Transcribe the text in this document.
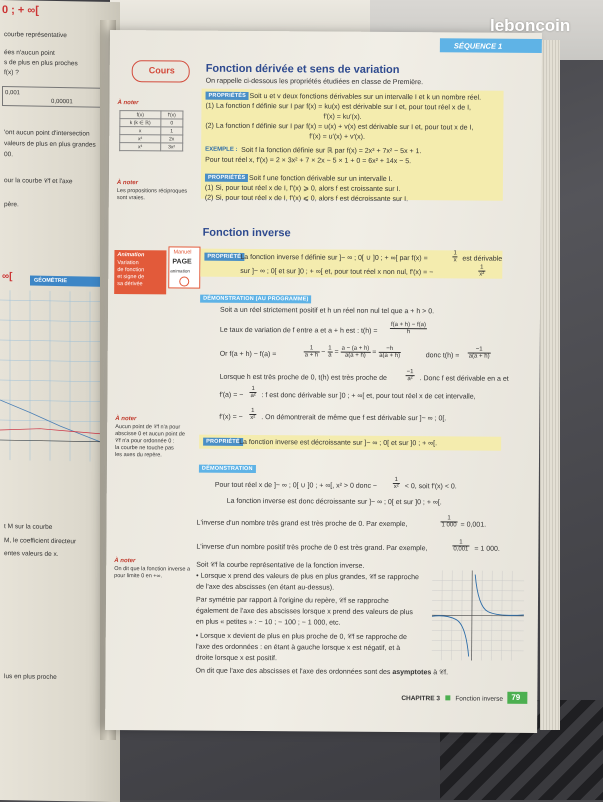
0 ; + ∞[
courbe représentative
ées n'aucun point
s de plus en plus proches
f(x) ?
0,001
0,00001
'ont aucun point d'intersection
valeurs de plus en plus grandes
00.
our la courbe 𝒞f et l'axe
père.
∞[	GÉOMÉTRIE
t M sur la courbe
M, le coefficient directeur
entes valeurs de x.
lus en plus proche
SÉQUENCE 1
Cours	Fonction dérivée et sens de variation
On rappelle ci-dessous les propriétés étudiées en classe de Première.
À noter
f(x)	f′(x)
k (k ∈ ℝ)	0
x	1
x²	2x
x³	3x²
PROPRIÉTÉS Soit u et v deux fonctions dérivables sur un intervalle I et k un nombre réel.
(1) La fonction f définie sur I par f(x) = ku(x) est dérivable sur I et, pour tout réel x de I,
f′(x) = ku′(x).
(2) La fonction f définie sur I par f(x) = u(x) + v(x) est dérivable sur I et, pour tout x de I,
f′(x) = u′(x) + v′(x).
EXEMPLE : Soit f la fonction définie sur ℝ par f(x) = 2x³ + 7x² − 5x + 1.
Pour tout réel x, f′(x) = 2 × 3x² + 7 × 2x − 5 × 1 + 0 = 6x² + 14x − 5.
PROPRIÉTÉS Soit f une fonction dérivable sur un intervalle I.
(1) Si, pour tout réel x de I, f′(x) ⩾ 0, alors f est croissante sur I.
(2) Si, pour tout réel x de I, f′(x) ⩽ 0, alors f est décroissante sur I.
À noter
Les propositions réciproques
sont vraies.
Fonction inverse
Animation
Variation
de fonction
et signe de
sa dérivée
Manuel
PAGE
animation
PROPRIÉTÉ La fonction inverse f définie sur ]− ∞ ; 0[ ∪ ]0 ; + ∞[ par f(x) =	$\frac{1}{x}$ est dérivable
sur ]− ∞ ; 0[ et sur ]0 ; + ∞[ et, pour tout réel x non nul, f′(x) = −	$\frac{1}{\text{x²}}$
DÉMONSTRATION (AU PROGRAMME)
Soit a un réel strictement positif et h un réel non nul tel que a + h > 0.
Le taux de variation de f entre a et a + h est : $t(h) = \frac{f(a + h) - f(a)}{h}$
Or f(a + h) − f(a) =	$\frac{1}{a + h} - \frac{1}{a} = \frac{a - (a + h)}{a(a + h)} = \frac{-h}{a(a + h)}$	donc $t(h) = \frac{-1}{a(a + h)}$
Lorsque h est très proche de 0, t(h) est très proche de	$\frac{-1}{\text{a²}}$ . Donc f est dérivable en a et
f′(a) = − $\frac{1}{\text{a²}}$ : f est donc dérivable sur ]0 ; + ∞[ et, pour tout réel x de cet intervalle,
f′(x) = − $\frac{1}{\text{x²}}$ . On démontrerait de même que f est dérivable sur ]− ∞ ; 0[.
À noter
Aucun point de 𝒞f n'a pour
abscisse 0 et aucun point de
𝒞f n'a pour ordonnée 0 :
la courbe ne touche pas
les axes du repère.
PROPRIÉTÉ La fonction inverse est décroissante sur ]− ∞ ; 0[ et sur ]0 ; + ∞[.
DÉMONSTRATION
Pour tout réel x de ]− ∞ ; 0[ ∪ ]0 ; + ∞[, x² > 0 donc −	$\frac{1}{\text{x²}} < 0$, soit f′(x) < 0.
La fonction inverse est donc décroissante sur ]− ∞ ; 0[ et sur ]0 ; + ∞[.
L'inverse d'un nombre très grand est très proche de 0. Par exemple,	$\frac{1}{1 000} = 0,001$.
L'inverse d'un nombre positif très proche de 0 est très grand. Par exemple,	$\frac{1}{0,001} = 1$ 000.
À noter
On dit que la fonction inverse a
pour limite 0 en +∞.
Soit 𝒞f la courbe représentative de la fonction inverse.
• Lorsque x prend des valeurs de plus en plus grandes, 𝒞f se rapproche
de l'axe des abscisses (en étant au-dessus).
Par symétrie par rapport à l'origine du repère, 𝒞f se rapproche
également de l'axe des abscisses lorsque x prend des valeurs de plus
en plus « petites » : − 10 ; − 100 ; − 1 000, etc.
• Lorsque x devient de plus en plus proche de 0, 𝒞f se rapproche de
l'axe des ordonnées : en étant à gauche lorsque x est négatif, et à
droite lorsque x est positif.
On dit que l'axe des abscisses et l'axe des ordonnées sont des asymptotes à 𝒞f.
CHAPITRE 3 Fonction inverse 79
leboncoin
